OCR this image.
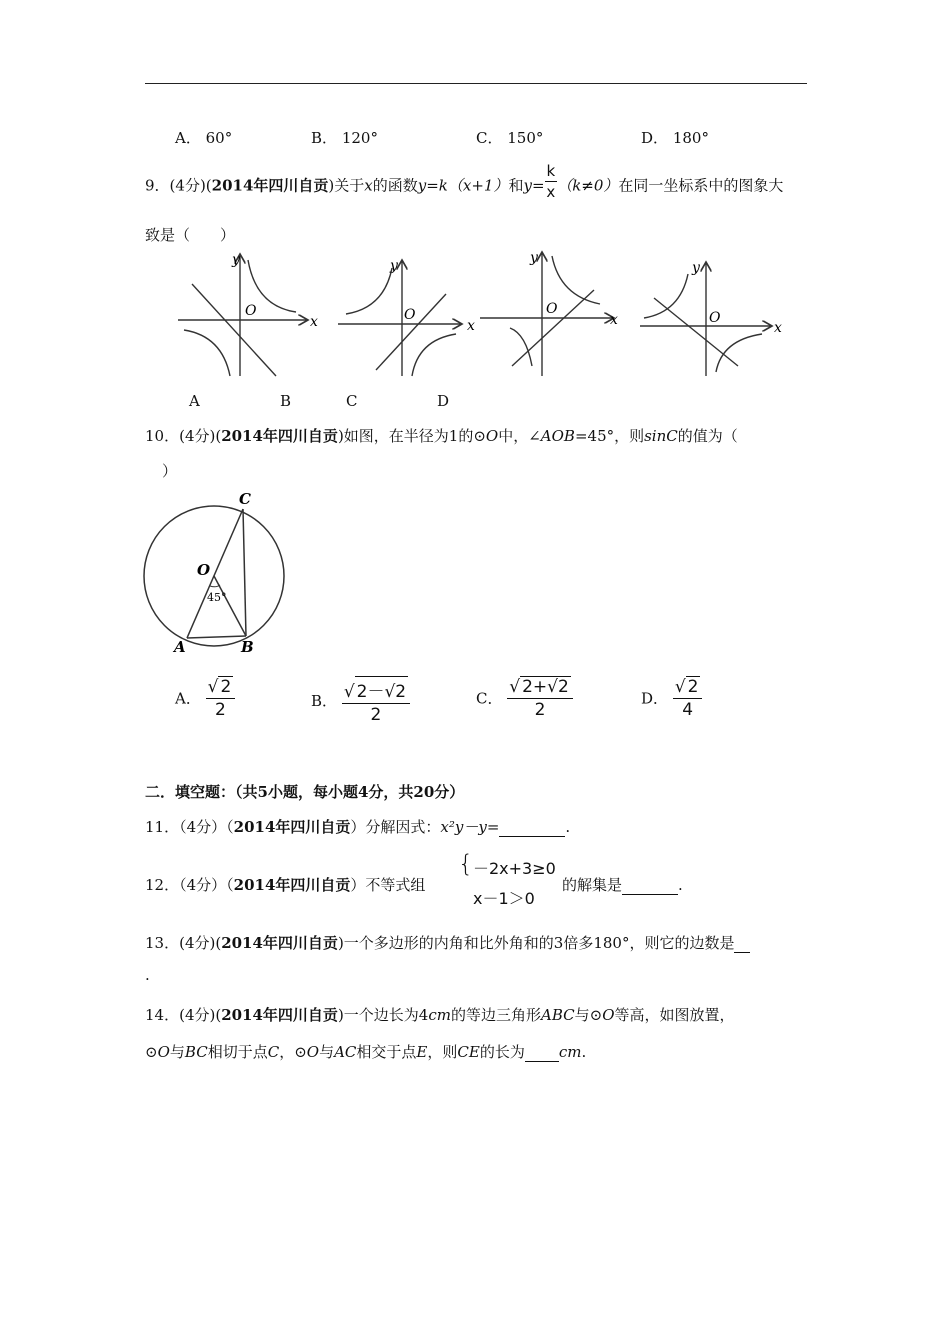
A． 60°	B． 120°	C． 150°	D． 180°
9．(4分)(2014年四川自贡)关于x的函数y=k（x+1）和$y= \frac{k}{x} (k\ne 0)$在同一坐标系中的图象大
致是（　　）
y
x
O
y
x
O
y
x
O
y
x
O
A	B	C	D
10．(4分)(2014年四川自贡)如图，在半径为1的⊙O中，∠AOB=45°，则sinC的值为（
）
C
O
45°
A	B
A． $\frac{√ 2}{2}$	B． $\frac{√ 2-√2}{2}$	C． $\frac{√ 2+√2}{2}$	D． $\frac{√ 2}{4}$
二．填空题：（共5小题，每小题4分，共20分）
11．（4分）（2014年四川自贡）分解因式：x²y－y=	.
12．（4分）（2014年四川自贡）不等式组
{ －2x+3≥0
x－1＞0
的解集是	.
13．(4分)(2014年四川自贡)一个多边形的内角和比外角和的3倍多180°，则它的边数是
.
14．(4分)(2014年四川自贡)一个边长为4cm的等边三角形ABC与⊙O等高，如图放置，
⊙O与BC相切于点C，⊙O与AC相交于点E，则CE的长为 cm.
